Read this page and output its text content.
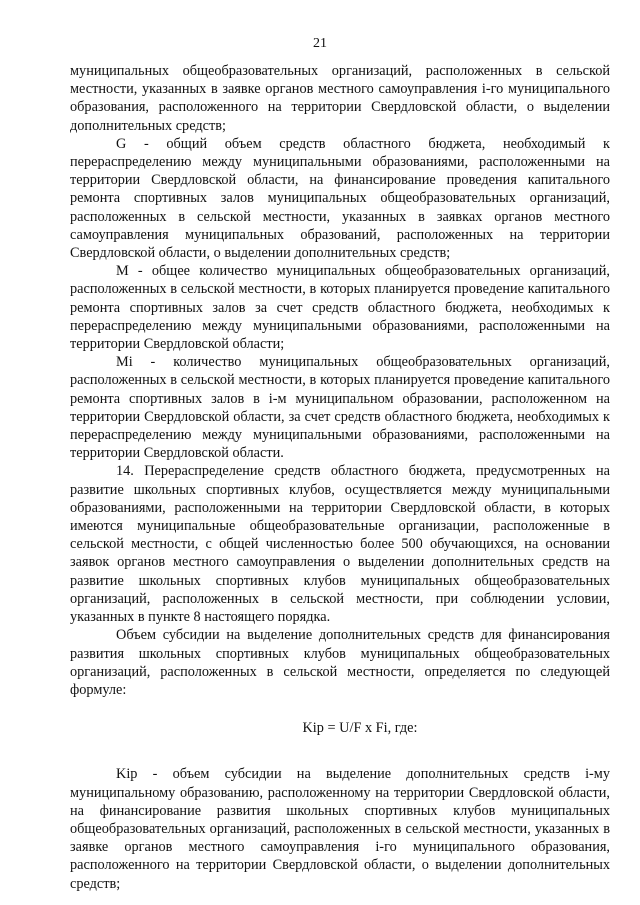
21

муниципальных общеобразовательных организаций, расположенных в сельской местности, указанных в заявке органов местного самоуправления i-го муниципального образования, расположенного на территории Свердловской области, о выделении дополнительных средств;

G - общий объем средств областного бюджета, необходимый к перераспределению между муниципальными образованиями, расположенными на территории Свердловской области, на финансирование проведения капитального ремонта спортивных залов муниципальных общеобразовательных организаций, расположенных в сельской местности, указанных в заявках органов местного самоуправления муниципальных образований, расположенных на территории Свердловской области, о выделении дополнительных средств;

M - общее количество муниципальных общеобразовательных организаций, расположенных в сельской местности, в которых планируется проведение капитального ремонта спортивных залов за счет средств областного бюджета, необходимых к перераспределению между муниципальными образованиями, расположенными на территории Свердловской области;

Mi - количество муниципальных общеобразовательных организаций, расположенных в сельской местности, в которых планируется проведение капитального ремонта спортивных залов в i-м муниципальном образовании, расположенном на территории Свердловской области, за счет средств областного бюджета, необходимых к перераспределению между муниципальными образованиями, расположенными на территории Свердловской области.

14. Перераспределение средств областного бюджета, предусмотренных на развитие школьных спортивных клубов, осуществляется между муниципальными образованиями, расположенными на территории Свердловской области, в которых имеются муниципальные общеобразовательные организации, расположенные в сельской местности, с общей численностью более 500 обучающихся, на основании заявок органов местного самоуправления о выделении дополнительных средств на развитие школьных спортивных клубов муниципальных общеобразовательных организаций, расположенных в сельской местности, при соблюдении условии, указанных в пункте 8 настоящего порядка.

Объем субсидии на выделение дополнительных средств для финансирования развития школьных спортивных клубов муниципальных общеобразовательных организаций, расположенных в сельской местности, определяется по следующей формуле:

Kip = U/F x Fi, где:

Kip - объем субсидии на выделение дополнительных средств i-му муниципальному образованию, расположенному на территории Свердловской области, на финансирование развития школьных спортивных клубов муниципальных общеобразовательных организаций, расположенных в сельской местности, указанных в заявке органов местного самоуправления i-го муниципального образования, расположенного на территории Свердловской области, о выделении дополнительных средств;
